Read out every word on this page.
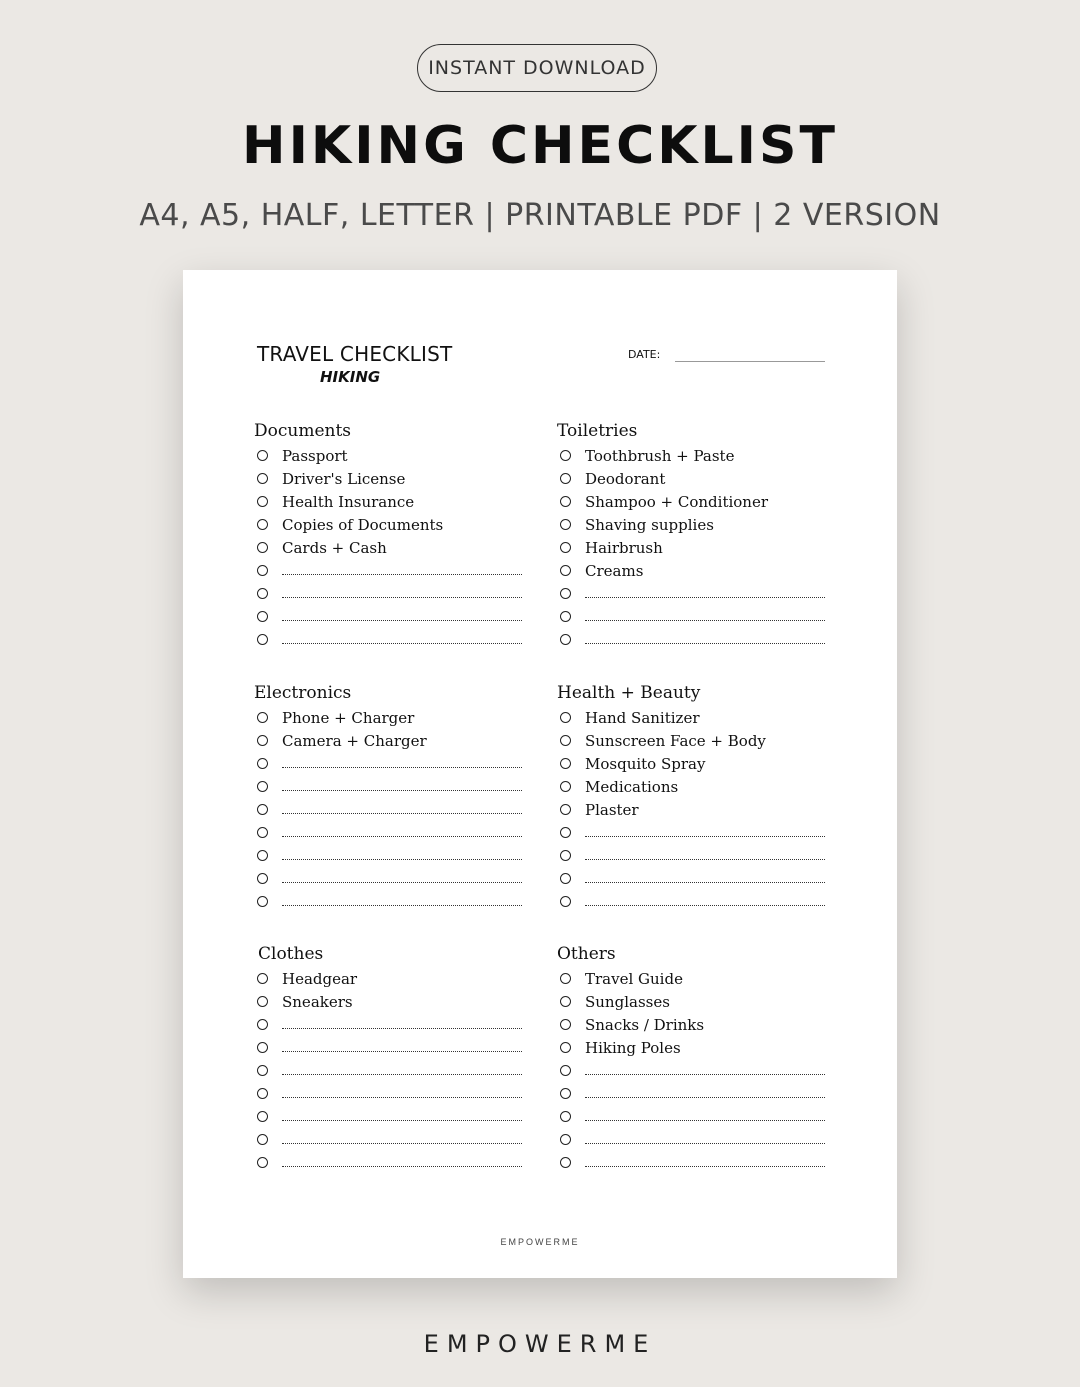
INSTANT DOWNLOAD
HIKING CHECKLIST
A4, A5, HALF, LETTER | PRINTABLE PDF | 2 VERSION
TRAVEL CHECKLIST
HIKING
DATE:
Documents
Passport
Driver's License
Health Insurance
Copies of Documents
Cards + Cash
Toiletries
Toothbrush + Paste
Deodorant
Shampoo + Conditioner
Shaving supplies
Hairbrush
Creams
Electronics
Phone + Charger
Camera + Charger
Health + Beauty
Hand Sanitizer
Sunscreen Face + Body
Mosquito Spray
Medications
Plaster
Clothes
Headgear
Sneakers
Others
Travel Guide
Sunglasses
Snacks / Drinks
Hiking Poles
EMPOWERME
EMPOWERME
